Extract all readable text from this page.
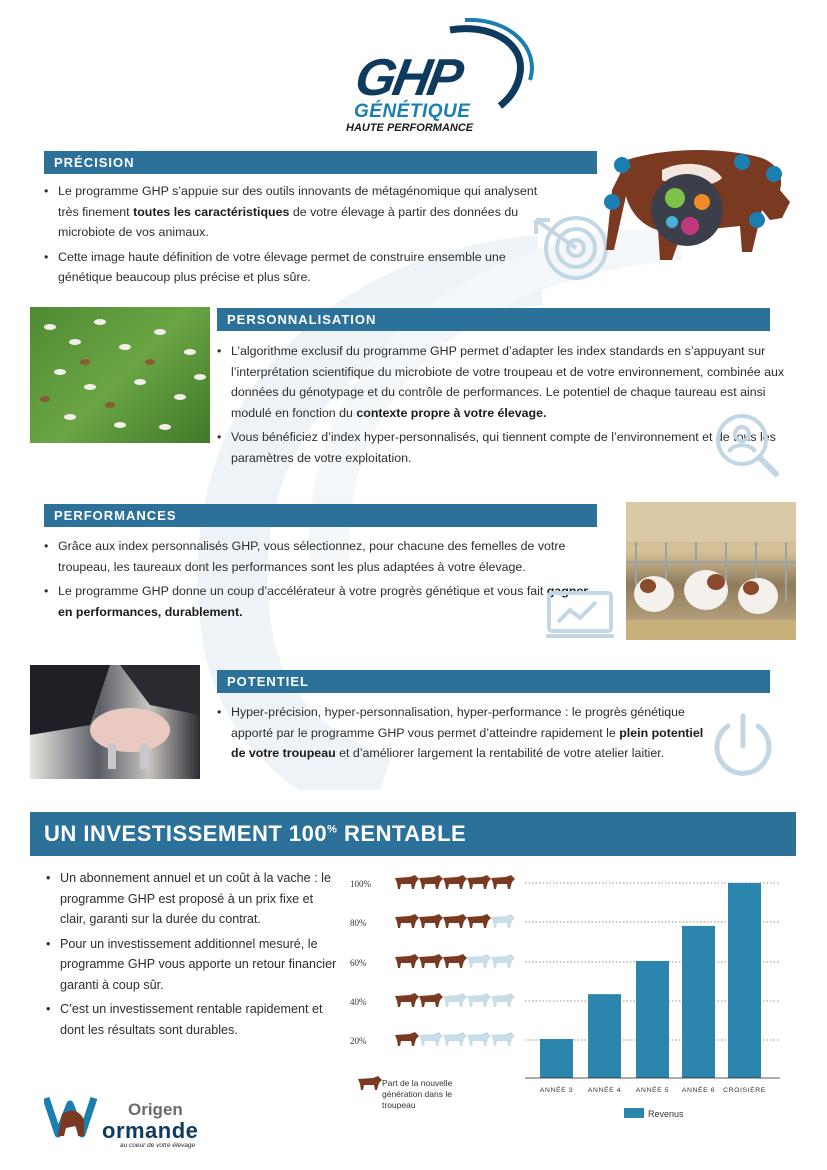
GHP
GÉNÉTIQUE
HAUTE PERFORMANCE
PRÉCISION
• Le programme GHP s’appuie sur des outils innovants de métagénomique qui analysent très finement toutes les caractéristiques de votre élevage à partir des données du microbiote de vos animaux.
• Cette image haute définition de votre élevage permet de construire ensemble une génétique beaucoup plus précise et plus sûre.
PERSONNALISATION
• L’algorithme exclusif du programme GHP permet d’adapter les index standards en s’appuyant sur l’interprétation scientifique du microbiote de votre troupeau et de votre environnement, combinée aux données du génotypage et du contrôle de performances. Le potentiel de chaque taureau est ainsi modulé en fonction du contexte propre à votre élevage.
• Vous bénéficiez d’index hyper-personnalisés, qui tiennent compte de l’environnement et de tous les paramètres de votre exploitation.
PERFORMANCES
• Grâce aux index personnalisés GHP, vous sélectionnez, pour chacune des femelles de votre troupeau, les taureaux dont les performances sont les plus adaptées à votre élevage.
• Le programme GHP donne un coup d’accélérateur à votre progrès génétique et vous fait gagner en performances, durablement.
POTENTIEL
• Hyper-précision, hyper-personnalisation, hyper-performance : le progrès génétique apporté par le programme GHP vous permet d’atteindre rapidement le plein potentiel de votre troupeau et d’améliorer largement la rentabilité de votre atelier laitier.
UN INVESTISSEMENT 100% RENTABLE
• Un abonnement annuel et un coût à la vache : le programme GHP est proposé à un prix fixe et clair, garanti sur la durée du contrat.
• Pour un investissement additionnel mesuré, le programme GHP vous apporte un retour financier garanti à coup sûr.
• C’est un investissement rentable rapidement et dont les résultats sont durables.
100%
80%
60%
40%
20%
ANNÉE 3 ANNÉE 4 ANNÉE 5 ANNÉE 6 CROISIÈRE
Revenus
Part de la nouvelle
génération dans le
troupeau
Origen
ormande
au coeur de votre élevage
